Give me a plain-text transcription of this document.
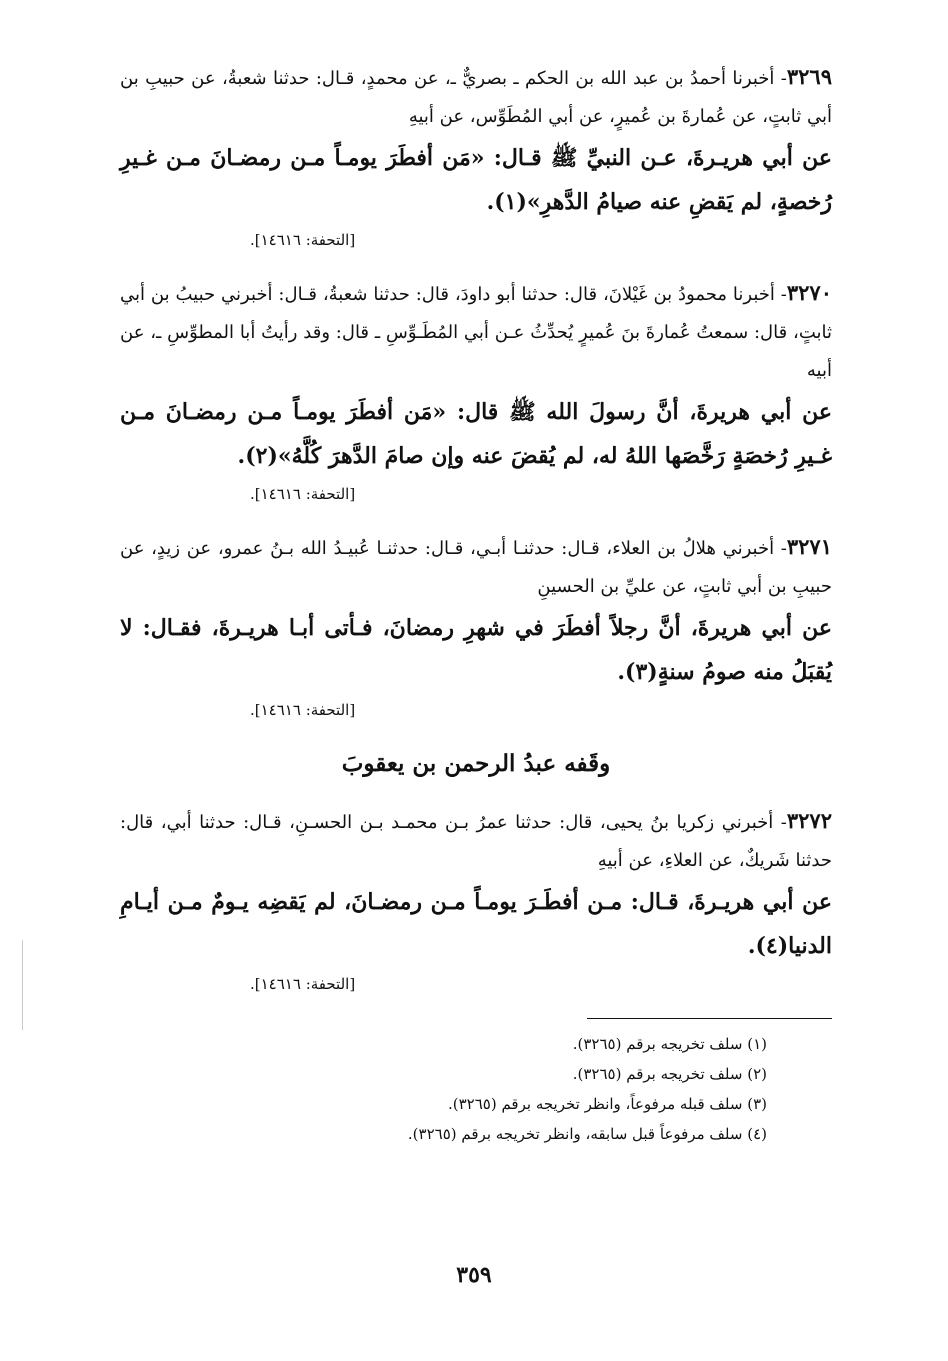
٣٢٦٩- أخبرنا أحمدُ بن عبد الله بن الحكم ـ بصريٌّ ـ، عن محمدٍ، قـال: حدثنا شعبةُ، عن حبيبِ بن أبي ثابتٍ، عن عُمارةَ بن عُميرٍ، عن أبي المُطَوِّس، عن أبيهِ

عن أبي هريـرةَ، عـن النبيِّ ﷺ قـال: «مَن أفطَرَ يومـاً مـن رمضـانَ مـن غـيرِ رُخصةٍ، لم يَقضِ عنه صيامُ الدَّهرِ»(١).

[التحفة: ١٤٦١٦].

٣٢٧٠- أخبرنا محمودُ بن غَيْلانَ، قال: حدثنا أبو داودَ، قال: حدثنا شعبةُ، قـال: أخبرني حبيبُ بن أبي ثابتٍ، قال: سمعتُ عُمارةَ بنَ عُميرٍ يُحدِّثُ عـن أبي المُطَـوِّسِ ـ قال: وقد رأيتُ أبا المطوِّسِ ـ، عن أبيه

عن أبي هريرةَ، أنَّ رسولَ الله ﷺ قال: «مَن أفطَرَ يومـاً مـن رمضـانَ مـن غـيرِ رُخصَةٍ رَخَّصَها اللهُ له، لم يُقضَ عنه وإن صامَ الدَّهرَ كُلَّهُ»(٢).

[التحفة: ١٤٦١٦].

٣٢٧١- أخبرني هلالُ بن العلاء، قـال: حدثنـا أبـي، قـال: حدثنـا عُبيـدُ الله بـنُ عمرو، عن زيدٍ، عن حبيبِ بن أبي ثابتٍ، عن عليِّ بن الحسينِ

عن أبي هريرةَ، أنَّ رجلاً أفطَرَ في شهرِ رمضانَ، فـأتى أبـا هريـرةَ، فقـال: لا يُقبَلُ منه صومُ سنةٍ(٣).

[التحفة: ١٤٦١٦].

وقَفه عبدُ الرحمن بن يعقوبَ

٣٢٧٢- أخبرني زكريا بنُ يحيى، قال: حدثنا عمرُ بـن محمـد بـن الحسـنِ، قـال: حدثنا أبي، قال: حدثنا شَريكٌ، عن العلاءِ، عن أبيهِ

عن أبي هريـرةَ، قـال: مـن أفطَـرَ يومـاً مـن رمضـانَ، لم يَقضِه يـومٌ مـن أيـامِ الدنيا(٤).

[التحفة: ١٤٦١٦].

(١) سلف تخريجه برقم (٣٢٦٥).

(٢) سلف تخريجه برقم (٣٢٦٥).

(٣) سلف قبله مرفوعاً، وانظر تخريجه برقم (٣٢٦٥).

(٤) سلف مرفوعاً قبل سابقه، وانظر تخريجه برقم (٣٢٦٥).

٣٥٩
